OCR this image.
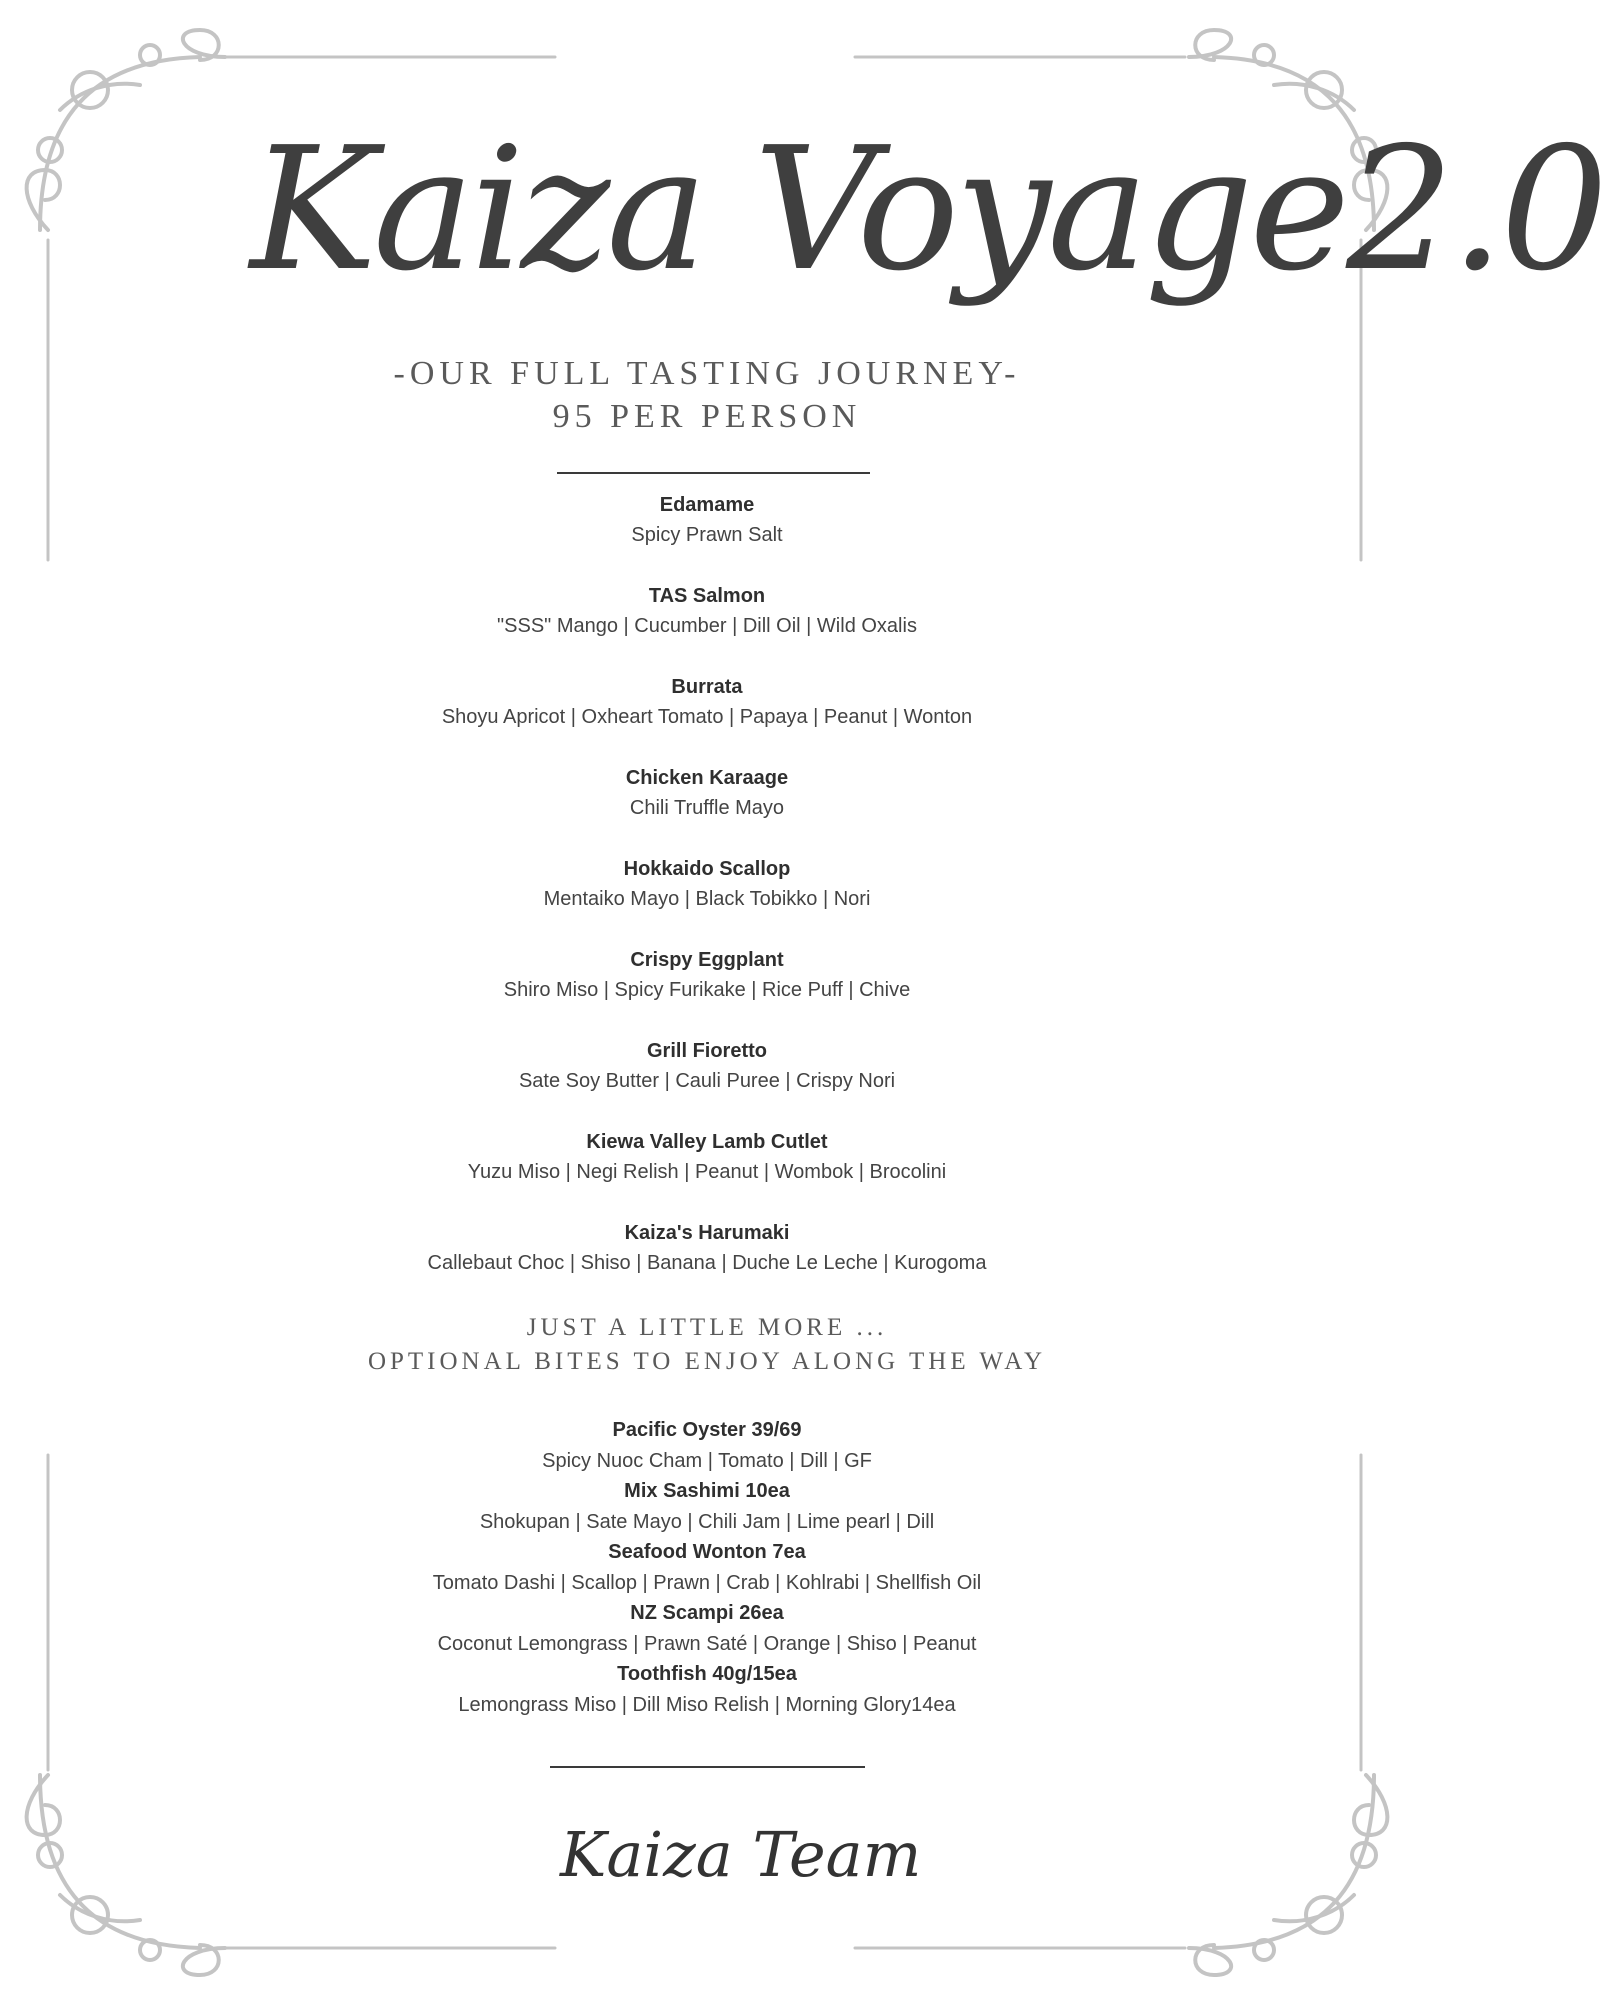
Kaiza Voyage2.0
-OUR FULL TASTING JOURNEY-
95 PER PERSON
Edamame
Spicy Prawn Salt
TAS Salmon
"SSS" Mango | Cucumber | Dill Oil | Wild Oxalis
Burrata
Shoyu Apricot | Oxheart Tomato | Papaya | Peanut | Wonton
Chicken Karaage
Chili Truffle Mayo
Hokkaido Scallop
Mentaiko Mayo | Black Tobikko | Nori
Crispy Eggplant
Shiro Miso | Spicy Furikake | Rice Puff | Chive
Grill Fioretto
Sate Soy Butter | Cauli Puree | Crispy Nori
Kiewa Valley Lamb Cutlet
Yuzu Miso | Negi Relish | Peanut | Wombok | Brocolini
Kaiza's Harumaki
Callebaut Choc | Shiso | Banana | Duche Le Leche | Kurogoma
JUST A LITTLE MORE ...
OPTIONAL BITES TO ENJOY ALONG THE WAY
Pacific Oyster 39/69
Spicy Nuoc Cham | Tomato | Dill | GF
Mix Sashimi 10ea
Shokupan | Sate Mayo | Chili Jam | Lime pearl | Dill
Seafood Wonton 7ea
Tomato Dashi | Scallop | Prawn | Crab | Kohlrabi | Shellfish Oil
NZ Scampi 26ea
Coconut Lemongrass | Prawn Saté | Orange | Shiso | Peanut
Toothfish 40g/15ea
Lemongrass Miso | Dill Miso Relish | Morning Glory14ea
Kaiza Team
